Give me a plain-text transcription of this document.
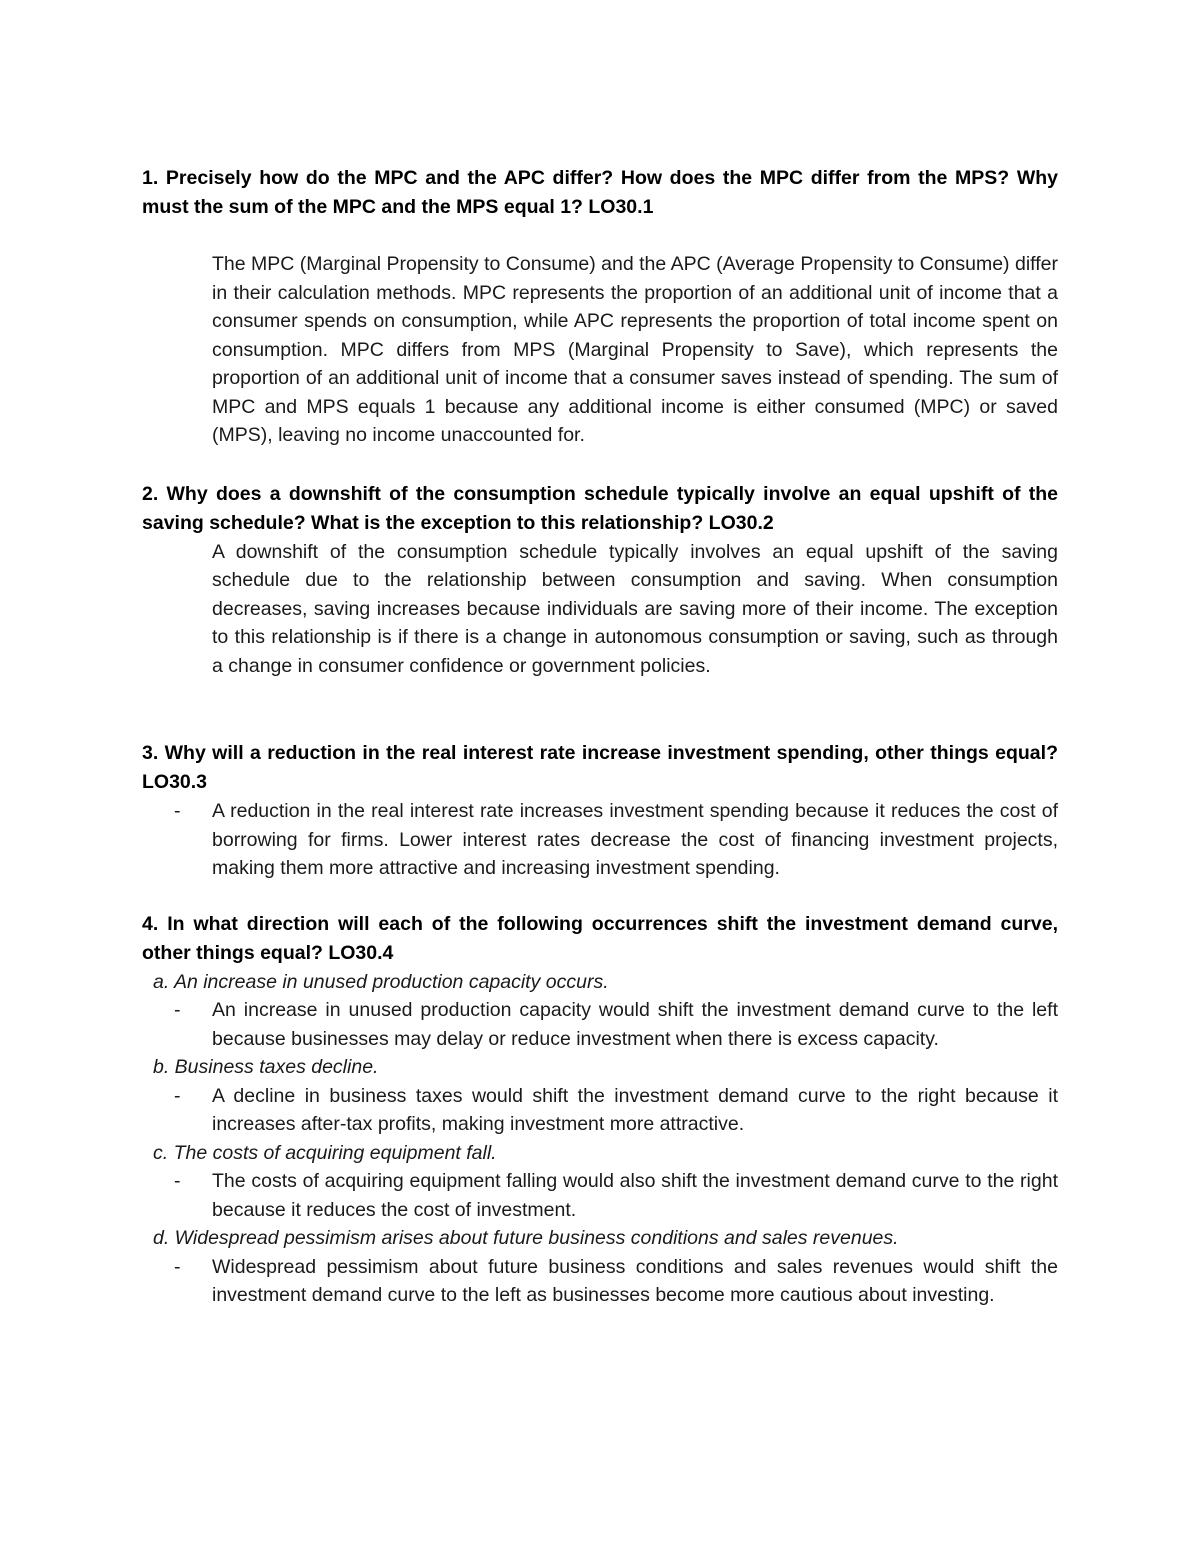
1. Precisely how do the MPC and the APC differ? How does the MPC differ from the MPS? Why must the sum of the MPC and the MPS equal 1? LO30.1

The MPC (Marginal Propensity to Consume) and the APC (Average Propensity to Consume) differ in their calculation methods. MPC represents the proportion of an additional unit of income that a consumer spends on consumption, while APC represents the proportion of total income spent on consumption. MPC differs from MPS (Marginal Propensity to Save), which represents the proportion of an additional unit of income that a consumer saves instead of spending. The sum of MPC and MPS equals 1 because any additional income is either consumed (MPC) or saved (MPS), leaving no income unaccounted for.

2. Why does a downshift of the consumption schedule typically involve an equal upshift of the saving schedule? What is the exception to this relationship? LO30.2

A downshift of the consumption schedule typically involves an equal upshift of the saving schedule due to the relationship between consumption and saving. When consumption decreases, saving increases because individuals are saving more of their income. The exception to this relationship is if there is a change in autonomous consumption or saving, such as through a change in consumer confidence or government policies.

3. Why will a reduction in the real interest rate increase investment spending, other things equal? LO30.3

- A reduction in the real interest rate increases investment spending because it reduces the cost of borrowing for firms. Lower interest rates decrease the cost of financing investment projects, making them more attractive and increasing investment spending.

4. In what direction will each of the following occurrences shift the investment demand curve, other things equal? LO30.4

a. An increase in unused production capacity occurs.

- An increase in unused production capacity would shift the investment demand curve to the left because businesses may delay or reduce investment when there is excess capacity.

b. Business taxes decline.

- A decline in business taxes would shift the investment demand curve to the right because it increases after-tax profits, making investment more attractive.

c. The costs of acquiring equipment fall.

- The costs of acquiring equipment falling would also shift the investment demand curve to the right because it reduces the cost of investment.

d. Widespread pessimism arises about future business conditions and sales revenues.

- Widespread pessimism about future business conditions and sales revenues would shift the investment demand curve to the left as businesses become more cautious about investing.
